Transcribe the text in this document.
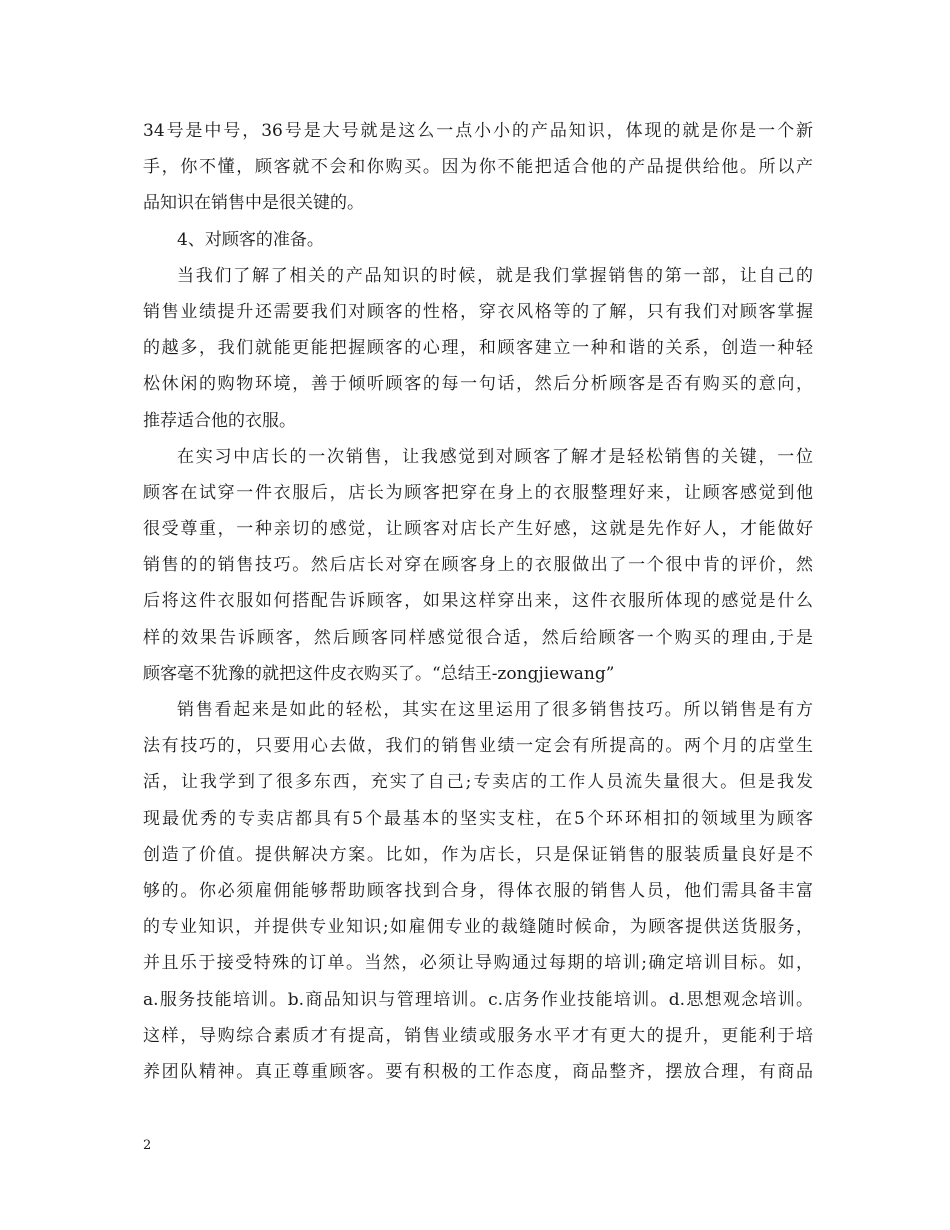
34号是中号，36号是大号就是这么一点小小的产品知识，体现的就是你是一个新
手，你不懂，顾客就不会和你购买。因为你不能把适合他的产品提供给他。所以产
品知识在销售中是很关键的。
4、对顾客的准备。
当我们了解了相关的产品知识的时候，就是我们掌握销售的第一部，让自己的
销售业绩提升还需要我们对顾客的性格，穿衣风格等的了解，只有我们对顾客掌握
的越多，我们就能更能把握顾客的心理，和顾客建立一种和谐的关系，创造一种轻
松休闲的购物环境，善于倾听顾客的每一句话，然后分析顾客是否有购买的意向，
推荐适合他的衣服。
在实习中店长的一次销售，让我感觉到对顾客了解才是轻松销售的关键，一位
顾客在试穿一件衣服后，店长为顾客把穿在身上的衣服整理好来，让顾客感觉到他
很受尊重，一种亲切的感觉，让顾客对店长产生好感，这就是先作好人，才能做好
销售的的销售技巧。然后店长对穿在顾客身上的衣服做出了一个很中肯的评价，然
后将这件衣服如何搭配告诉顾客，如果这样穿出来，这件衣服所体现的感觉是什么
样的效果告诉顾客，然后顾客同样感觉很合适，然后给顾客一个购买的理由,于是
顾客毫不犹豫的就把这件皮衣购买了。“总结王-zongjiewang”
销售看起来是如此的轻松，其实在这里运用了很多销售技巧。所以销售是有方
法有技巧的，只要用心去做，我们的销售业绩一定会有所提高的。两个月的店堂生
活，让我学到了很多东西，充实了自己;专卖店的工作人员流失量很大。但是我发
现最优秀的专卖店都具有5个最基本的坚实支柱，在5个环环相扣的领域里为顾客
创造了价值。提供解决方案。比如，作为店长，只是保证销售的服装质量良好是不
够的。你必须雇佣能够帮助顾客找到合身，得体衣服的销售人员，他们需具备丰富
的专业知识，并提供专业知识;如雇佣专业的裁缝随时候命，为顾客提供送货服务，
并且乐于接受特殊的订单。当然，必须让导购通过每期的培训;确定培训目标。如，
a.服务技能培训。b.商品知识与管理培训。c.店务作业技能培训。d.思想观念培训。
这样，导购综合素质才有提高，销售业绩或服务水平才有更大的提升，更能利于培
养团队精神。真正尊重顾客。要有积极的工作态度，商品整齐，摆放合理，有商品
2
